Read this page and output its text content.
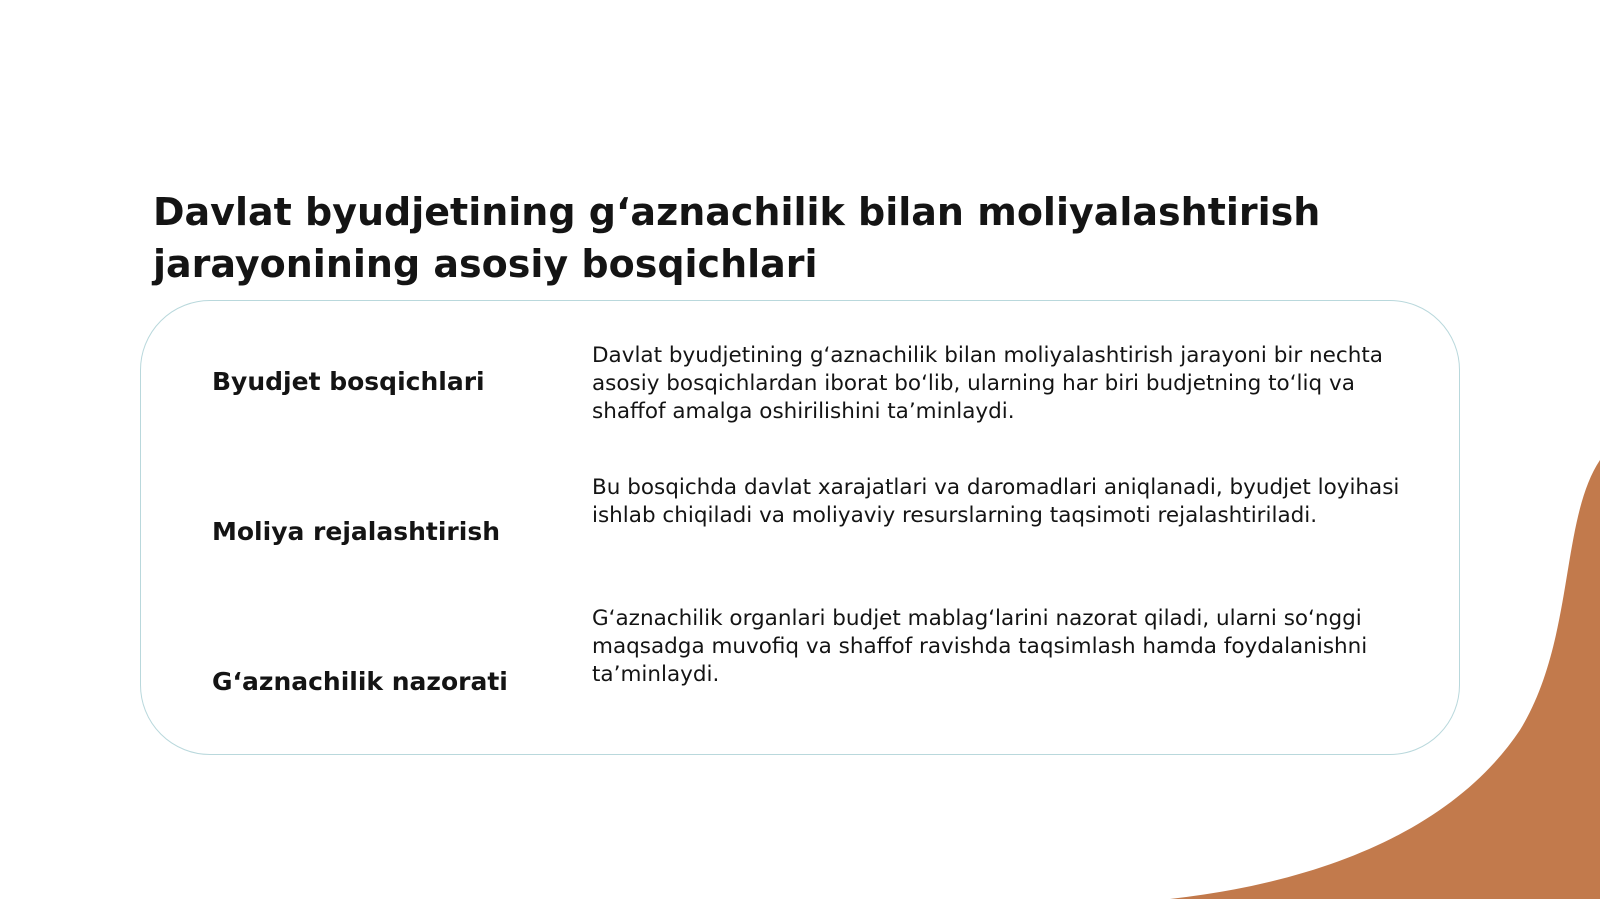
Davlat byudjetining g‘aznachilik bilan moliyalashtirish
jarayonining asosiy bosqichlari
Byudjet bosqichlari
Davlat byudjetining g‘aznachilik bilan moliyalashtirish jarayoni bir nechta
asosiy bosqichlardan iborat bo‘lib, ularning har biri budjetning to‘liq va
shaffof amalga oshirilishini ta’minlaydi.
Moliya rejalashtirish
Bu bosqichda davlat xarajatlari va daromadlari aniqlanadi, byudjet loyihasi
ishlab chiqiladi va moliyaviy resurslarning taqsimoti rejalashtiriladi.
G‘aznachilik nazorati
G‘aznachilik organlari budjet mablag‘larini nazorat qiladi, ularni so‘nggi
maqsadga muvofiq va shaffof ravishda taqsimlash hamda foydalanishni
ta’minlaydi.
